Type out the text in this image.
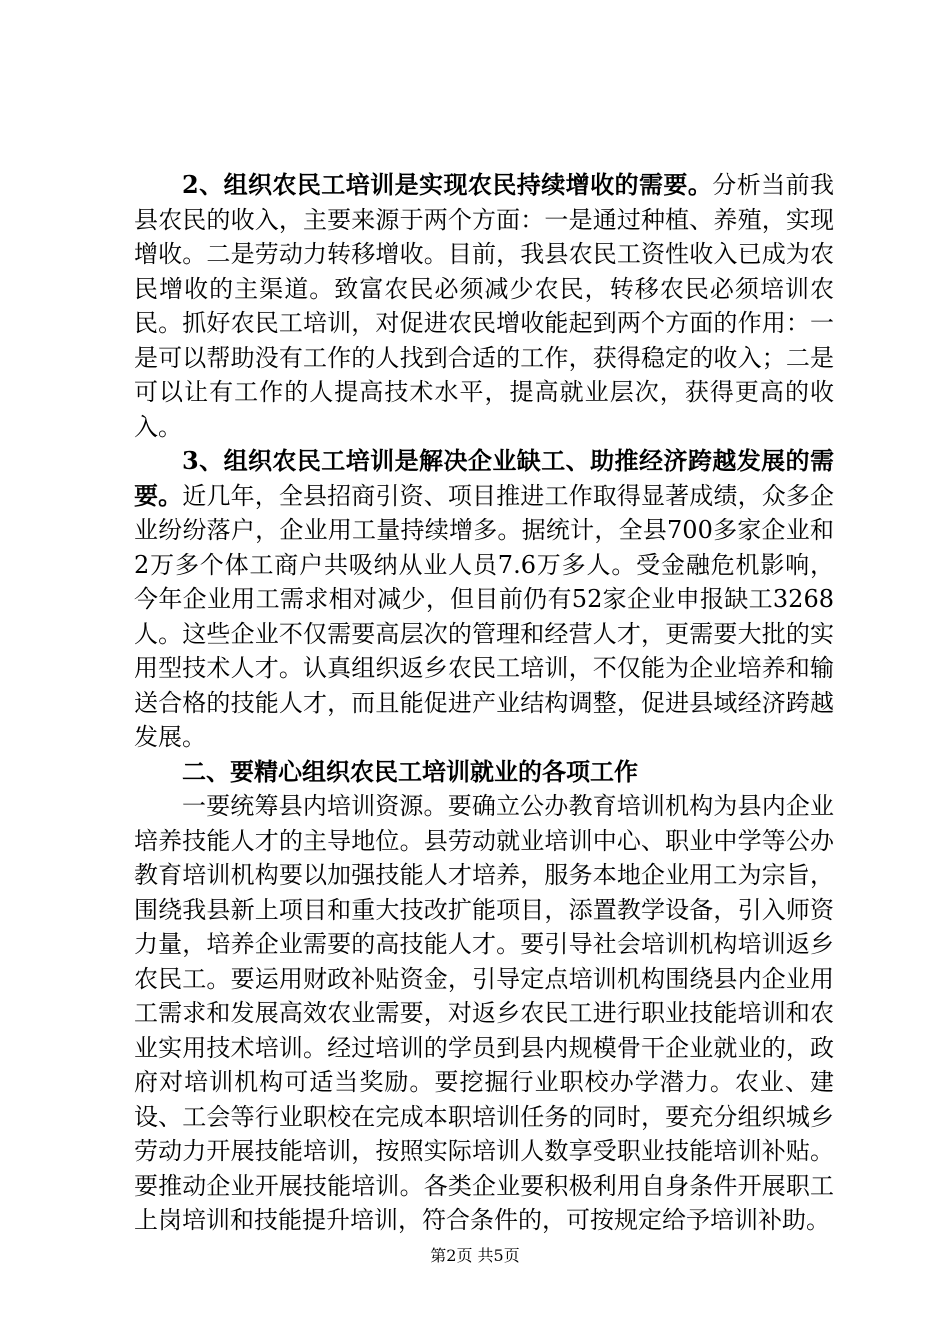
2、组织农民工培训是实现农民持续增收的需要。分析当前我县农民的收入，主要来源于两个方面：一是通过种植、养殖，实现增收。二是劳动力转移增收。目前，我县农民工资性收入已成为农民增收的主渠道。致富农民必须减少农民，转移农民必须培训农民。抓好农民工培训，对促进农民增收能起到两个方面的作用：一是可以帮助没有工作的人找到合适的工作，获得稳定的收入；二是可以让有工作的人提高技术水平，提高就业层次，获得更高的收入。

3、组织农民工培训是解决企业缺工、助推经济跨越发展的需要。近几年，全县招商引资、项目推进工作取得显著成绩，众多企业纷纷落户，企业用工量持续增多。据统计，全县700多家企业和2万多个体工商户共吸纳从业人员7.6万多人。受金融危机影响，今年企业用工需求相对减少，但目前仍有52家企业申报缺工3268人。这些企业不仅需要高层次的管理和经营人才，更需要大批的实用型技术人才。认真组织返乡农民工培训，不仅能为企业培养和输送合格的技能人才，而且能促进产业结构调整，促进县域经济跨越发展。

二、要精心组织农民工培训就业的各项工作

一要统筹县内培训资源。要确立公办教育培训机构为县内企业培养技能人才的主导地位。县劳动就业培训中心、职业中学等公办教育培训机构要以加强技能人才培养，服务本地企业用工为宗旨，围绕我县新上项目和重大技改扩能项目，添置教学设备，引入师资力量，培养企业需要的高技能人才。要引导社会培训机构培训返乡农民工。要运用财政补贴资金，引导定点培训机构围绕县内企业用工需求和发展高效农业需要，对返乡农民工进行职业技能培训和农业实用技术培训。经过培训的学员到县内规模骨干企业就业的，政府对培训机构可适当奖励。要挖掘行业职校办学潜力。农业、建设、工会等行业职校在完成本职培训任务的同时，要充分组织城乡劳动力开展技能培训，按照实际培训人数享受职业技能培训补贴。要推动企业开展技能培训。各类企业要积极利用自身条件开展职工上岗培训和技能提升培训，符合条件的，可按规定给予培训补助。

第2页 共5页
